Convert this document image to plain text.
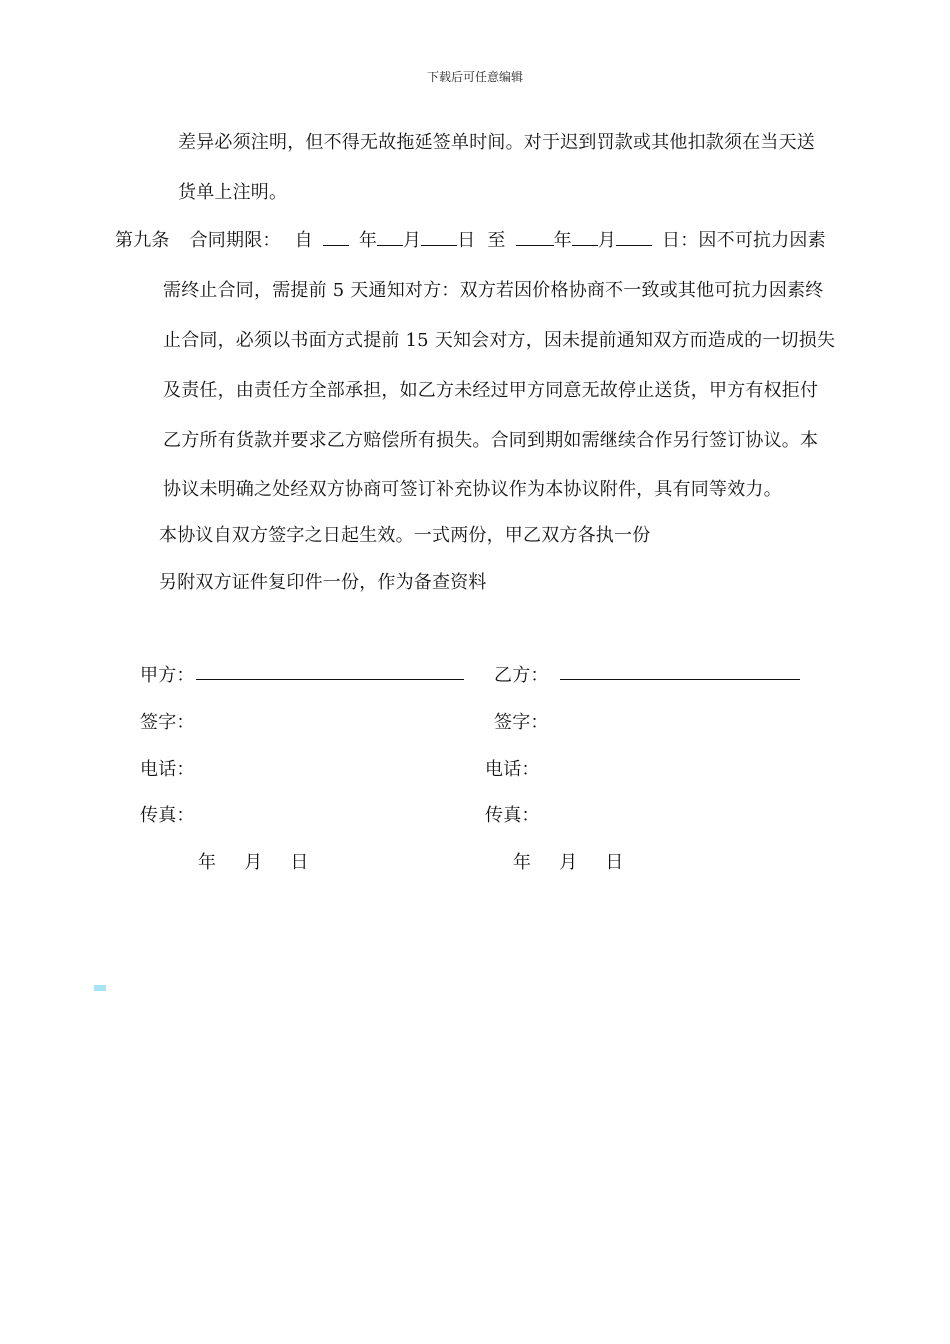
下载后可任意编辑
差异必须注明，但不得无故拖延签单时间。对于迟到罚款或其他扣款须在当天送
货单上注明。
第九条 合同期限： 自	年 月 日 至	年 月	日：因不可抗力因素
需终止合同，需提前 5 天通知对方：双方若因价格协商不一致或其他可抗力因素终
止合同，必须以书面方式提前 15 天知会对方，因未提前通知双方而造成的一切损失
及责任，由责任方全部承担，如乙方未经过甲方同意无故停止送货，甲方有权拒付
乙方所有货款并要求乙方赔偿所有损失。合同到期如需继续合作另行签订协议。本
协议未明确之处经双方协商可签订补充协议作为本协议附件，具有同等效力。
本协议自双方签字之日起生效。一式两份，甲乙双方各执一份
另附双方证件复印件一份，作为备查资料
甲方：
签字：
电话：
传真：
年 月 日
乙方：
签字：
电话：
传真：
年 月 日
